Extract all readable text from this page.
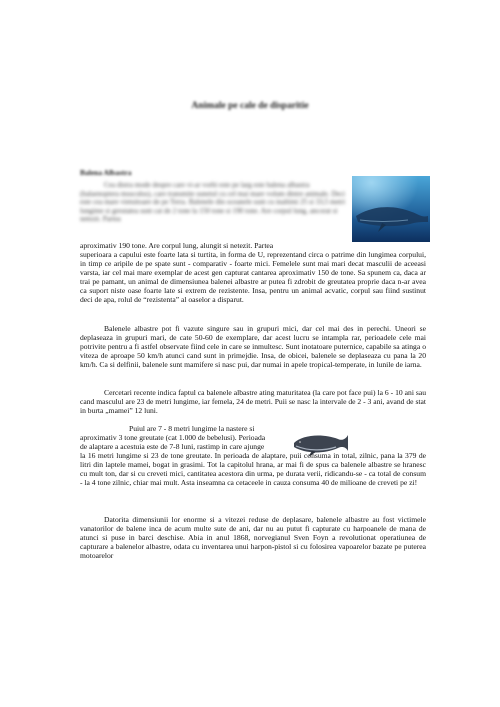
Animale pe cale de disparitie
Balena Albastra

Cea distra mode despre care vi-ar vorbi este pe larg este balena albastra (balaenoptera musculus), care transmite sunetul cu cel mai mare volum dintre animale. Deci este cea mare vietuitoare de pe Terra. Balenele din oceanele sunt cu inaltimi 25 si 33,5 metri lungime si greutatea sunt cat de 2 tone la 150 tone si 190 tone. Are corpul lung, ancorat si netezit. Partea

aproximativ 190 tone. Are corpul lung, alungit si netezit. Partea

superioara a capului este foarte lata si turtita, in forma de U, reprezentand circa o patrime din lungimea corpului, in timp ce aripile de pe spate sunt - comparativ - foarte mici. Femelele sunt mai mari decat masculii de aceeasi varsta, iar cel mai mare exemplar de acest gen capturat cantarea aproximativ 150 de tone. Sa spunem ca, daca ar trai pe pamant, un animal de dimensiunea balenei albastre ar putea fi zdrobit de greutatea proprie daca n-ar avea ca suport niste oase foarte late si extrem de rezistente. Insa, pentru un animal acvatic, corpul sau fiind sustinut deci de apa, rolul de “rezistenta” al oaselor a disparut.

Balenele albastre pot fi vazute singure sau in grupuri mici, dar cel mai des in perechi. Uneori se deplaseaza in grupuri mari, de cate 50-60 de exemplare, dar acest lucru se intampla rar, perioadele cele mai potrivite pentru a fi astfel observate fiind cele in care se inmultesc. Sunt inotatoare puternice, capabile sa atinga o viteza de aproape 50 km/h atunci cand sunt in primejdie. Insa, de obicei, balenele se deplaseaza cu pana la 20 km/h. Ca si delfinii, balenele sunt mamifere si nasc pui, dar numai in apele tropical-temperate, in lunile de iarna.

Cercetari recente indica faptul ca balenele albastre ating maturitatea (la care pot face pui) la 6 - 10 ani sau cand masculul are 23 de metri lungime, iar femela, 24 de metri. Puii se nasc la intervale de 2 - 3 ani, avand de stat in burta „mamei” 12 luni.

Puiul are 7 - 8 metri lungime la nastere si

aproximativ 3 tone greutate (cat 1.000 de bebelusi). Perioada

de alaptare a acestuia este de 7-8 luni, rastimp in care ajunge

la 16 metri lungime si 23 de tone greutate. In perioada de alaptare, puii consuma in total, zilnic, pana la 379 de litri din laptele mamei, bogat in grasimi. Tot la capitolul hrana, ar mai fi de spus ca balenele albastre se hranesc cu mult ton, dar si cu creveti mici, cantitatea acestora din urma, pe durata verii, ridicandu-se - ca total de consum - la 4 tone zilnic, chiar mai mult. Asta inseamna ca cetaceele in cauza consuma 40 de milioane de creveti pe zi!

Datorita dimensiunii lor enorme si a vitezei reduse de deplasare, balenele albastre au fost victimele vanatorilor de balene inca de acum multe sute de ani, dar nu au putut fi capturate cu harpoanele de mana de atunci si puse in barci deschise. Abia in anul 1868, norvegianul Sven Foyn a revolutionat operatiunea de capturare a balenelor albastre, odata cu inventarea unui harpon-pistol si cu folosirea vapoarelor bazate pe puterea motoarelor
